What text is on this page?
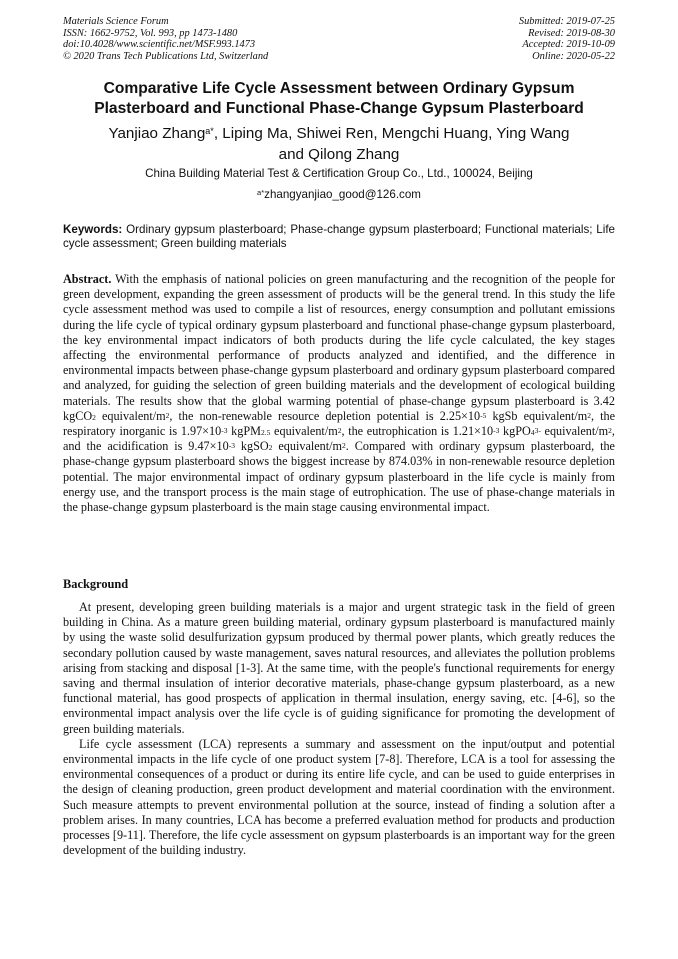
Materials Science Forum
ISSN: 1662-9752, Vol. 993, pp 1473-1480
doi:10.4028/www.scientific.net/MSF.993.1473
© 2020 Trans Tech Publications Ltd, Switzerland
Submitted: 2019-07-25
Revised: 2019-08-30
Accepted: 2019-10-09
Online: 2020-05-22
Comparative Life Cycle Assessment between Ordinary Gypsum
Plasterboard and Functional Phase-Change Gypsum Plasterboard
Yanjiao Zhang$^{a*}$, Liping Ma, Shiwei Ren, Mengchi Huang, Ying Wang
and Qilong Zhang
China Building Material Test & Certification Group Co., Ltd., 100024, Beijing
$^{a*}$zhangyanjiao_good@126.com
Keywords: Ordinary gypsum plasterboard; Phase-change gypsum plasterboard; Functional materials; Life cycle assessment; Green building materials
Abstract. With the emphasis of national policies on green manufacturing and the recognition of the people for green development, expanding the green assessment of products will be the general trend. In this study the life cycle assessment method was used to compile a list of resources, energy consumption and pollutant emissions during the life cycle of typical ordinary gypsum plasterboard and functional phase-change gypsum plasterboard, the key environmental impact indicators of both products during the life cycle calculated, the key stages affecting the environmental performance of products analyzed and identified, and the difference in environmental impacts between phase-change gypsum plasterboard and ordinary gypsum plasterboard compared and analyzed, for guiding the selection of green building materials and the development of ecological building materials. The results show that the global warming potential of phase-change gypsum plasterboard is 3.42 kgCO$_2$ equivalent/$m^2$, the non-renewable resource depletion potential is $2.25\times 10^{-5}$ kgSb equivalent/$m^2$, the respiratory inorganic is $1.97\times 10^{-3}$ kgPM$_{2.5}$ equivalent/$m^2$, the eutrophication is $1.21\times 10^{-3}$ kgPO$_4^{3-}$ equivalent/$m^2$, and the acidification is $9.47\times 10^{-3}$ kgSO$_2$ equivalent/$m^2$. Compared with ordinary gypsum plasterboard, the phase-change gypsum plasterboard shows the biggest increase by 874.03% in non-renewable resource depletion potential. The major environmental impact of ordinary gypsum plasterboard in the life cycle is mainly from energy use, and the transport process is the main stage of eutrophication. The use of phase-change materials in the phase-change gypsum plasterboard is the main stage causing environmental impact.
Background

At present, developing green building materials is a major and urgent strategic task in the field of green building in China. As a mature green building material, ordinary gypsum plasterboard is manufactured mainly by using the waste solid desulfurization gypsum produced by thermal power plants, which greatly reduces the secondary pollution caused by waste management, saves natural resources, and alleviates the pollution problems arising from stacking and disposal [1-3]. At the same time, with the people's functional requirements for energy saving and thermal insulation of interior decorative materials, phase-change gypsum plasterboard, as a new functional material, has good prospects of application in thermal insulation, energy saving, etc. [4-6], so the environmental impact analysis over the life cycle is of guiding significance for promoting the development of green building materials.

Life cycle assessment (LCA) represents a summary and assessment on the input/output and potential environmental impacts in the life cycle of one product system [7-8]. Therefore, LCA is a tool for assessing the environmental consequences of a product or during its entire life cycle, and can be used to guide enterprises in the design of cleaning production, green product development and material coordination with the environment. Such measure attempts to prevent environmental pollution at the source, instead of finding a solution after a problem arises. In many countries, LCA has become a preferred evaluation method for products and production processes [9-11]. Therefore, the life cycle assessment on gypsum plasterboards is an important way for the green development of the building industry.
